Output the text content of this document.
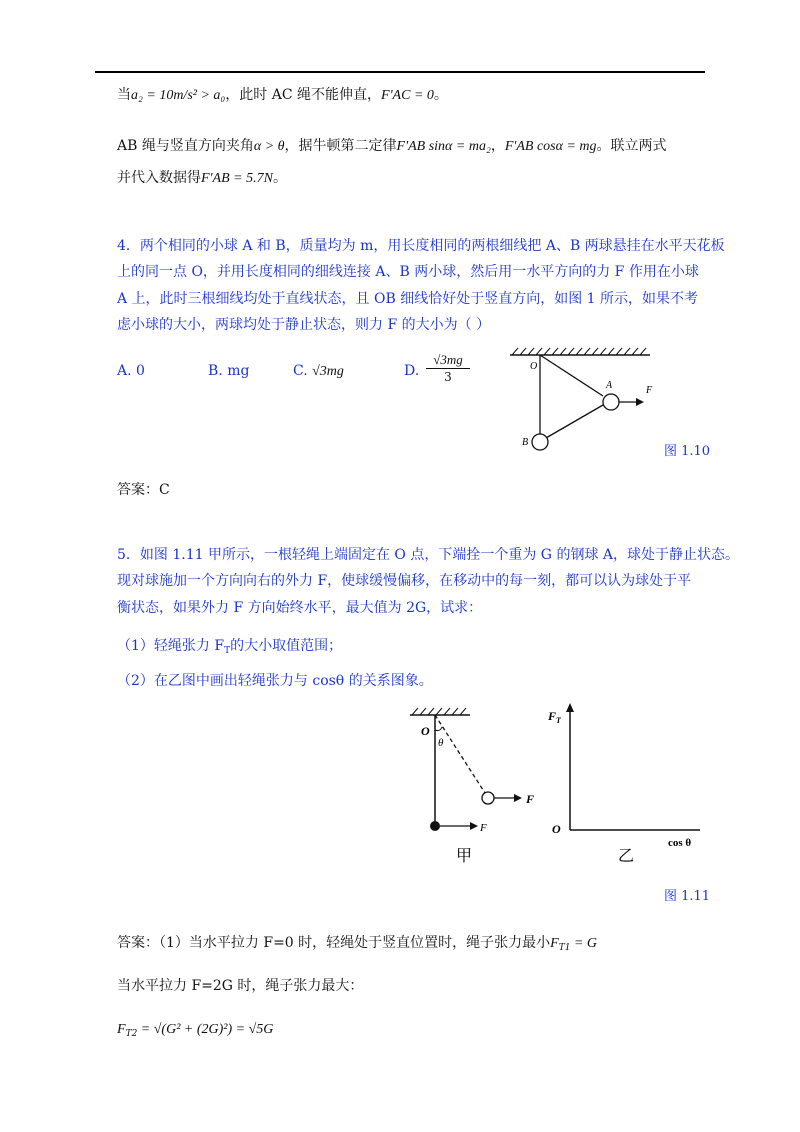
当a₂ = 10m/s² > a₀，此时 AC 绳不能伸直，F'AC = 0。
AB 绳与竖直方向夹角α > θ，据牛顿第二定律F'AB sinα = ma₂，F'AB cosα = mg。联立两式
并代入数据得F'AB = 5.7N。
4．两个相同的小球 A 和 B，质量均为 m，用长度相同的两根细线把 A、B 两球悬挂在水平天花板
上的同一点 O，并用长度相同的细线连接 A、B 两小球，然后用一水平方向的力 F 作用在小球
A 上，此时三根细线均处于直线状态，且 OB 细线恰好处于竖直方向，如图 1 所示，如果不考
虑小球的大小，两球均处于静止状态，则力 F 的大小为（ ）
A. 0	B. mg	C. √3mg	D. $\frac{√3mg}{3}$	O
A
B
F
图 1.10
答案：C
5．如图 1.11 甲所示，一根轻绳上端固定在 O 点，下端拴一个重为 G 的钢球 A，球处于静止状态。
现对球施加一个方向向右的外力 F，使球缓慢偏移，在移动中的每一刻，都可以认为球处于平
衡状态，如果外力 F 方向始终水平，最大值为 2G，试求：
（1）轻绳张力 $F_T$的大小取值范围；
（2）在乙图中画出轻绳张力与 cosθ 的关系图象。
O
θ
F
F
甲
$F_T$
O
cos θ
乙
图 1.11
答案：（1）当水平拉力 F=0 时，轻绳处于竖直位置时，绳子张力最小$F_{T1} = G$
当水平拉力 F=2G 时，绳子张力最大：
$F_{T2} = √(G^2 + (2G)^2) = √5G$
